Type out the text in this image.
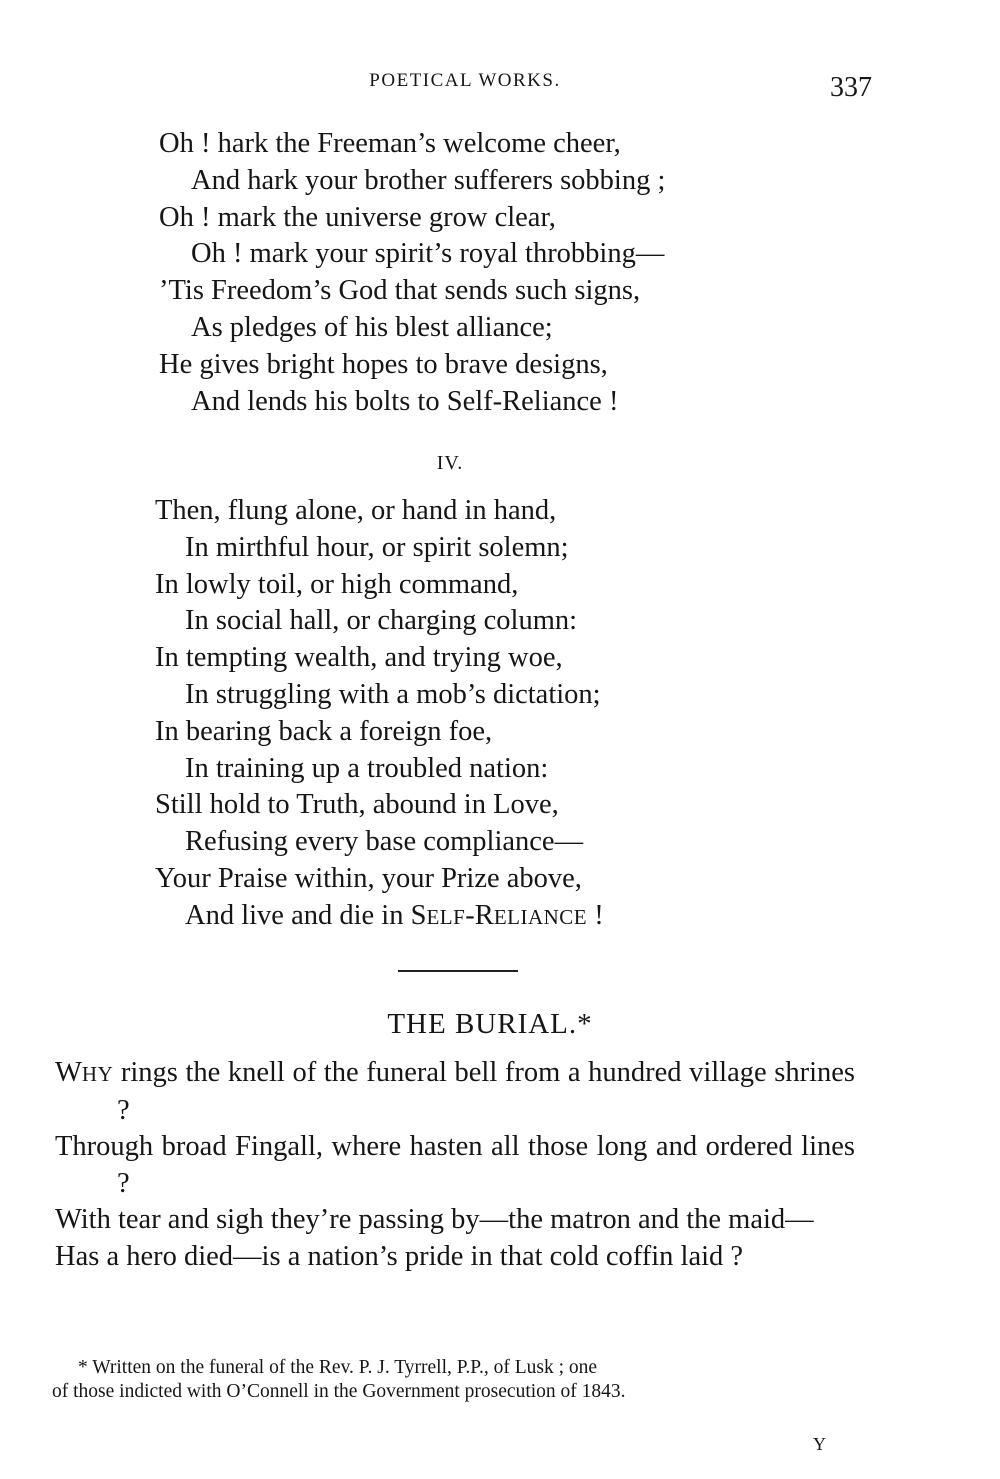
POETICAL WORKS.	337
Oh ! hark the Freeman’s welcome cheer,
And hark your brother sufferers sobbing ;
Oh ! mark the universe grow clear,
Oh ! mark your spirit’s royal throbbing—
’Tis Freedom’s God that sends such signs,
As pledges of his blest alliance;
He gives bright hopes to brave designs,
And lends his bolts to Self-Reliance !
IV.
Then, flung alone, or hand in hand,
In mirthful hour, or spirit solemn;
In lowly toil, or high command,
In social hall, or charging column:
In tempting wealth, and trying woe,
In struggling with a mob’s dictation;
In bearing back a foreign foe,
In training up a troubled nation:
Still hold to Truth, abound in Love,
Refusing every base compliance—
Your Praise within, your Prize above,
And live and die in SELF-RELIANCE !
THE BURIAL.*
WHY rings the knell of the funeral bell from a hundred village shrines ?
Through broad Fingall, where hasten all those long and ordered lines ?
With tear and sigh they’re passing by—the matron and the maid—
Has a hero died—is a nation’s pride in that cold coffin laid ?
* Written on the funeral of the Rev. P. J. Tyrrell, P.P., of Lusk ; one
of those indicted with O’Connell in the Government prosecution of 1843.
Y
